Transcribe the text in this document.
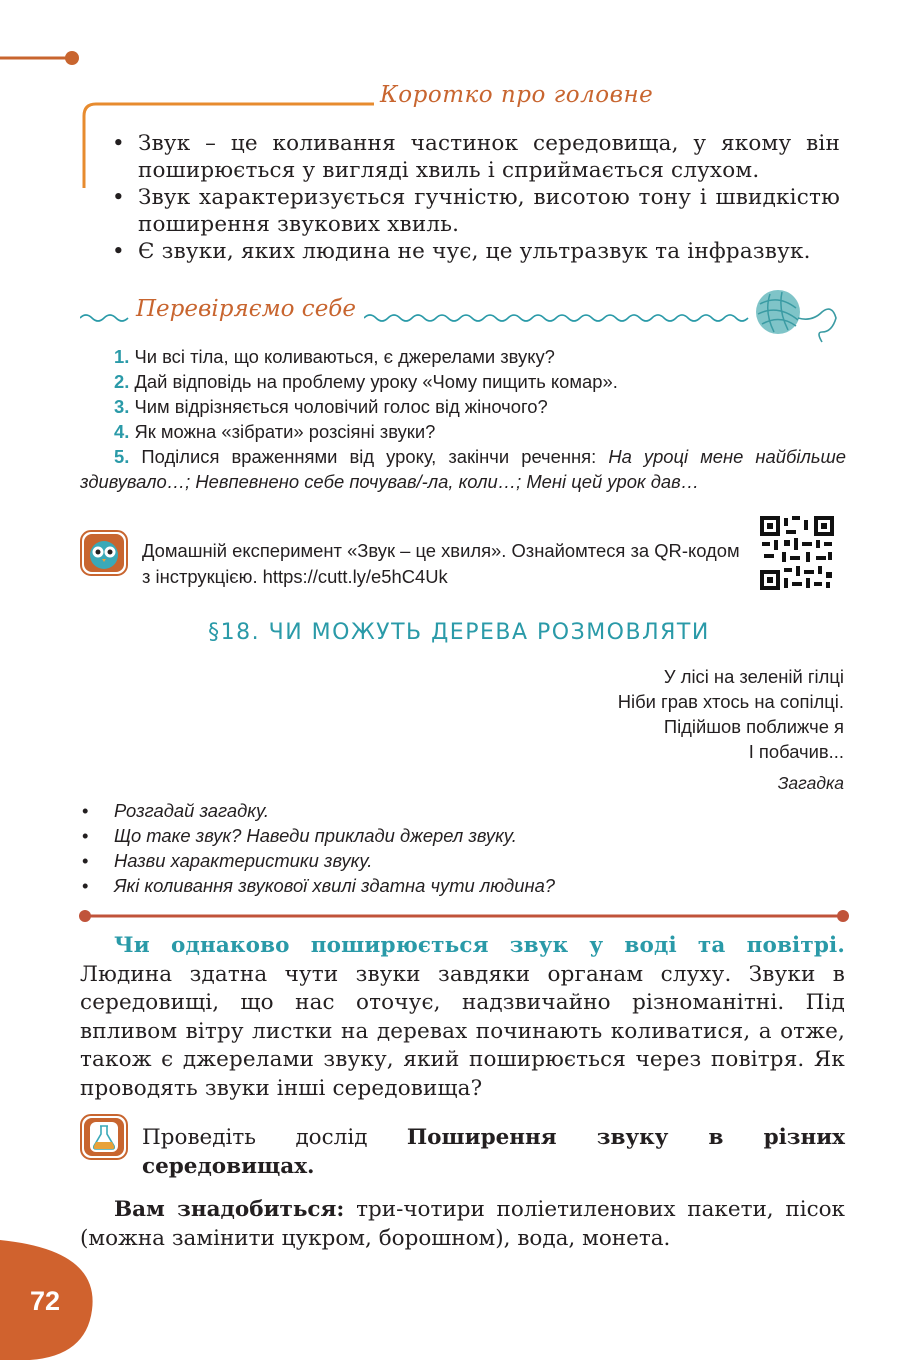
Коротко про головне
• Звук – це коливання частинок середовища, у якому він поширюється у вигляді хвиль і сприймається слухом.
• Звук характеризується гучністю, висотою тону і швидкістю поширення звукових хвиль.
• Є звуки, яких людина не чує, це ультразвук та інфразвук.
Перевіряємо себе
1. Чи всі тіла, що коливаються, є джерелами звуку?
2. Дай відповідь на проблему уроку «Чому пищить комар».
3. Чим відрізняється чоловічий голос від жіночого?
4. Як можна «зібрати» розсіяні звуки?
5. Поділися враженнями від уроку, закінчи речення: На уроці мене найбільше здивувало…; Невпевнено себе почував/-ла, коли…; Мені цей урок дав…
Домашній експеримент «Звук – це хвиля». Ознайомтеся за QR-кодом з інструкцією. https://cutt.ly/e5hC4Uk
§18. ЧИ МОЖУТЬ ДЕРЕВА РОЗМОВЛЯТИ
У лісі на зеленій гілці
Ніби грав хтось на сопілці.
Підійшов поближче я
І побачив...
Загадка
• Розгадай загадку.
• Що таке звук? Наведи приклади джерел звуку.
• Назви характеристики звуку.
• Які коливання звукової хвилі здатна чути людина?
Чи однаково поширюється звук у воді та повітрі. Людина здатна чути звуки завдяки органам слуху. Звуки в середовищі, що нас оточує, надзвичайно різноманітні. Під впливом вітру листки на деревах починають коливатися, а отже, також є джерелами звуку, який поширюється через повітря. Як проводять звуки інші середовища?
Проведіть дослід Поширення звуку в різних середовищах.
Вам знадобиться: три-чотири поліетиленових пакети, пісок (можна замінити цукром, борошном), вода, монета.
72
